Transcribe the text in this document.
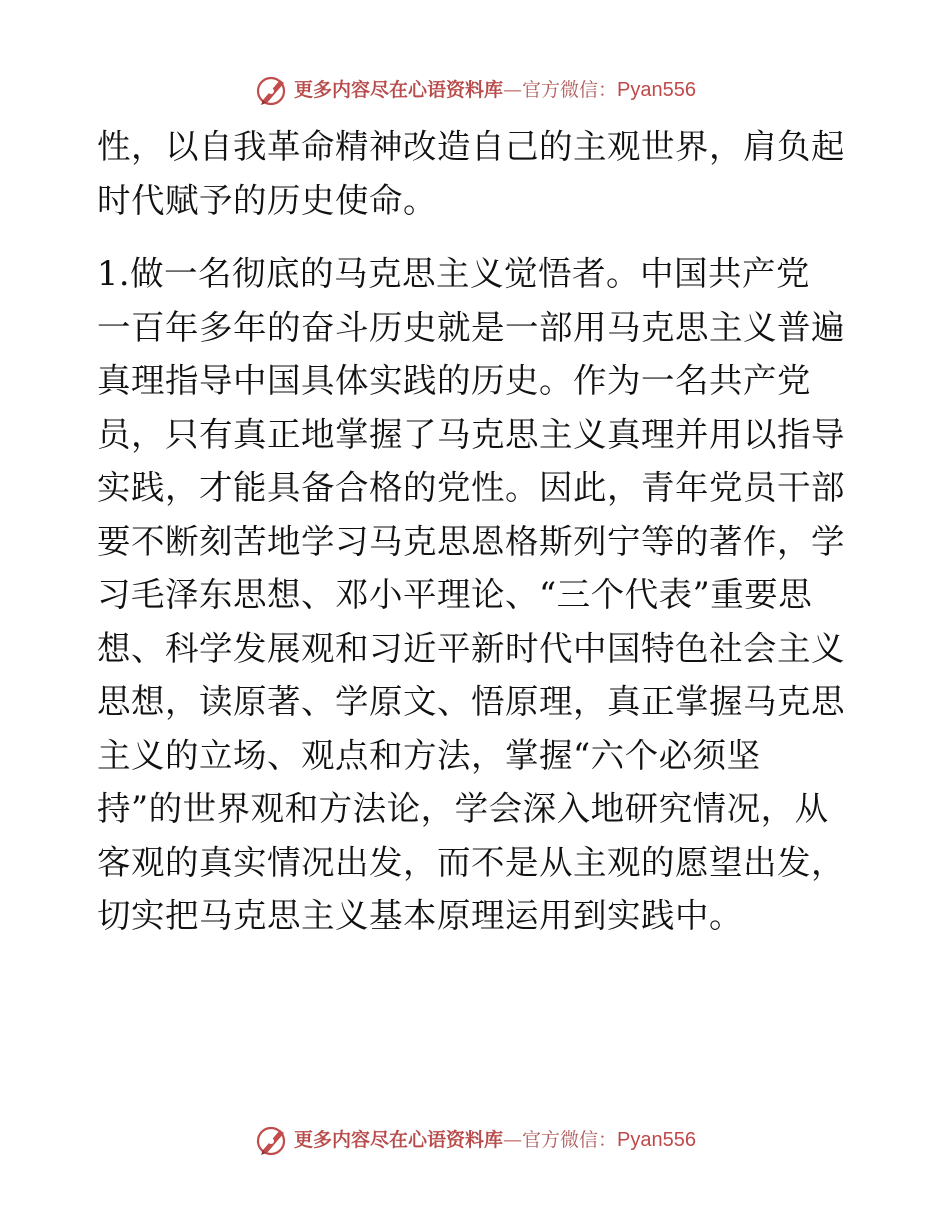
更多内容尽在心语资料库—官方微信：Pyan556

性，以自我革命精神改造自己的主观世界，肩负起
时代赋予的历史使命。

1.做一名彻底的马克思主义觉悟者。中国共产党
一百年多年的奋斗历史就是一部用马克思主义普遍
真理指导中国具体实践的历史。作为一名共产党
员，只有真正地掌握了马克思主义真理并用以指导
实践，才能具备合格的党性。因此，青年党员干部
要不断刻苦地学习马克思恩格斯列宁等的著作，学
习毛泽东思想、邓小平理论、“三个代表”重要思
想、科学发展观和习近平新时代中国特色社会主义
思想，读原著、学原文、悟原理，真正掌握马克思
主义的立场、观点和方法，掌握“六个必须坚
持”的世界观和方法论，学会深入地研究情况，从
客观的真实情况出发，而不是从主观的愿望出发，
切实把马克思主义基本原理运用到实践中。

更多内容尽在心语资料库—官方微信：Pyan556
